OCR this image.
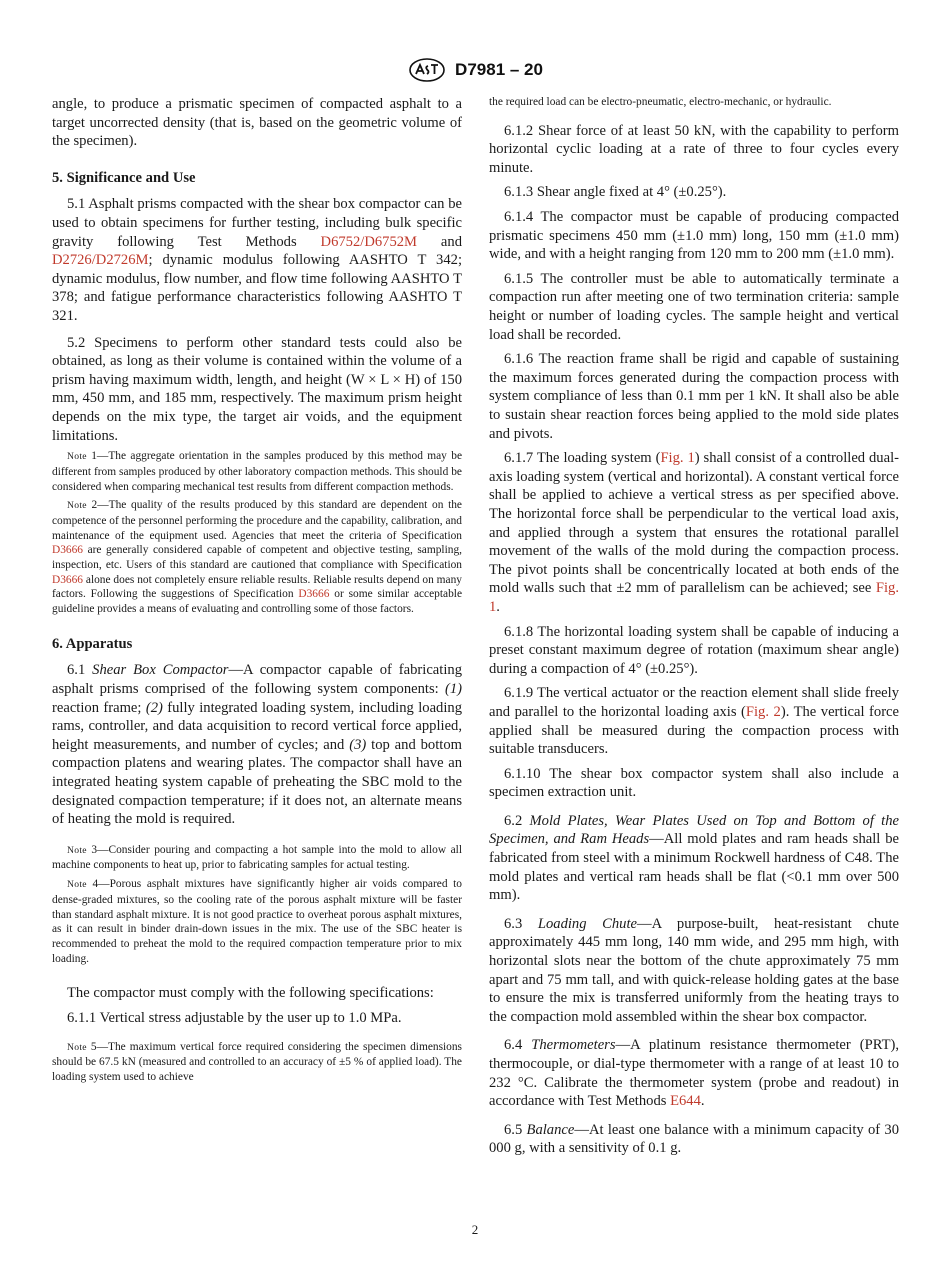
D7981 – 20

angle, to produce a prismatic specimen of compacted asphalt to a target uncorrected density (that is, based on the geometric volume of the specimen).

5. Significance and Use

5.1 Asphalt prisms compacted with the shear box compactor can be used to obtain specimens for further testing, including bulk specific gravity following Test Methods D6752/D6752M and D2726/D2726M; dynamic modulus following AASHTO T 342; dynamic modulus, flow number, and flow time following AASHTO T 378; and fatigue performance characteristics following AASHTO T 321.

5.2 Specimens to perform other standard tests could also be obtained, as long as their volume is contained within the volume of a prism having maximum width, length, and height (W × L × H) of 150 mm, 450 mm, and 185 mm, respectively. The maximum prism height depends on the mix type, the target air voids, and the equipment limitations.

Note 1—The aggregate orientation in the samples produced by this method may be different from samples produced by other laboratory compaction methods. This should be considered when comparing mechanical test results from different compaction methods.

Note 2—The quality of the results produced by this standard are dependent on the competence of the personnel performing the procedure and the capability, calibration, and maintenance of the equipment used. Agencies that meet the criteria of Specification D3666 are generally considered capable of competent and objective testing, sampling, inspection, etc. Users of this standard are cautioned that compliance with Specification D3666 alone does not completely ensure reliable results. Reliable results depend on many factors. Following the suggestions of Specification D3666 or some similar acceptable guideline provides a means of evaluating and controlling some of those factors.

6. Apparatus

6.1 Shear Box Compactor—A compactor capable of fabricating asphalt prisms comprised of the following system components: (1) reaction frame; (2) fully integrated loading system, including loading rams, controller, and data acquisition to record vertical force applied, height measurements, and number of cycles; and (3) top and bottom compaction platens and wearing plates. The compactor shall have an integrated heating system capable of preheating the SBC mold to the designated compaction temperature; if it does not, an alternate means of heating the mold is required.

Note 3—Consider pouring and compacting a hot sample into the mold to allow all machine components to heat up, prior to fabricating samples for actual testing.

Note 4—Porous asphalt mixtures have significantly higher air voids compared to dense-graded mixtures, so the cooling rate of the porous asphalt mixture will be faster than standard asphalt mixture. It is not good practice to overheat porous asphalt mixtures, as it can result in binder drain-down issues in the mix. The use of the SBC heater is recommended to preheat the mold to the required compaction temperature prior to mix loading.

The compactor must comply with the following specifications:

6.1.1 Vertical stress adjustable by the user up to 1.0 MPa.

Note 5—The maximum vertical force required considering the specimen dimensions should be 67.5 kN (measured and controlled to an accuracy of ±5 % of applied load). The loading system used to achieve

the required load can be electro-pneumatic, electro-mechanic, or hydraulic.

6.1.2 Shear force of at least 50 kN, with the capability to perform horizontal cyclic loading at a rate of three to four cycles every minute.

6.1.3 Shear angle fixed at 4° (±0.25°).

6.1.4 The compactor must be capable of producing compacted prismatic specimens 450 mm (±1.0 mm) long, 150 mm (±1.0 mm) wide, and with a height ranging from 120 mm to 200 mm (±1.0 mm).

6.1.5 The controller must be able to automatically terminate a compaction run after meeting one of two termination criteria: sample height or number of loading cycles. The sample height and vertical load shall be recorded.

6.1.6 The reaction frame shall be rigid and capable of sustaining the maximum forces generated during the compaction process with system compliance of less than 0.1 mm per 1 kN. It shall also be able to sustain shear reaction forces being applied to the mold side plates and pivots.

6.1.7 The loading system (Fig. 1) shall consist of a controlled dual-axis loading system (vertical and horizontal). A constant vertical force shall be applied to achieve a vertical stress as per specified above. The horizontal force shall be perpendicular to the vertical load axis, and applied through a system that ensures the rotational parallel movement of the walls of the mold during the compaction process. The pivot points shall be concentrically located at both ends of the mold walls such that ±2 mm of parallelism can be achieved; see Fig. 1.

6.1.8 The horizontal loading system shall be capable of inducing a preset constant maximum degree of rotation (maximum shear angle) during a compaction of 4° (±0.25°).

6.1.9 The vertical actuator or the reaction element shall slide freely and parallel to the horizontal loading axis (Fig. 2). The vertical force applied shall be measured during the compaction process with suitable transducers.

6.1.10 The shear box compactor system shall also include a specimen extraction unit.

6.2 Mold Plates, Wear Plates Used on Top and Bottom of the Specimen, and Ram Heads—All mold plates and ram heads shall be fabricated from steel with a minimum Rockwell hardness of C48. The mold plates and vertical ram heads shall be flat (<0.1 mm over 500 mm).

6.3 Loading Chute—A purpose-built, heat-resistant chute approximately 445 mm long, 140 mm wide, and 295 mm high, with horizontal slots near the bottom of the chute approximately 75 mm apart and 75 mm tall, and with quick-release holding gates at the base to ensure the mix is transferred uniformly from the heating trays to the compaction mold assembled within the shear box compactor.

6.4 Thermometers—A platinum resistance thermometer (PRT), thermocouple, or dial-type thermometer with a range of at least 10 to 232 °C. Calibrate the thermometer system (probe and readout) in accordance with Test Methods E644.

6.5 Balance—At least one balance with a minimum capacity of 30 000 g, with a sensitivity of 0.1 g.

2
